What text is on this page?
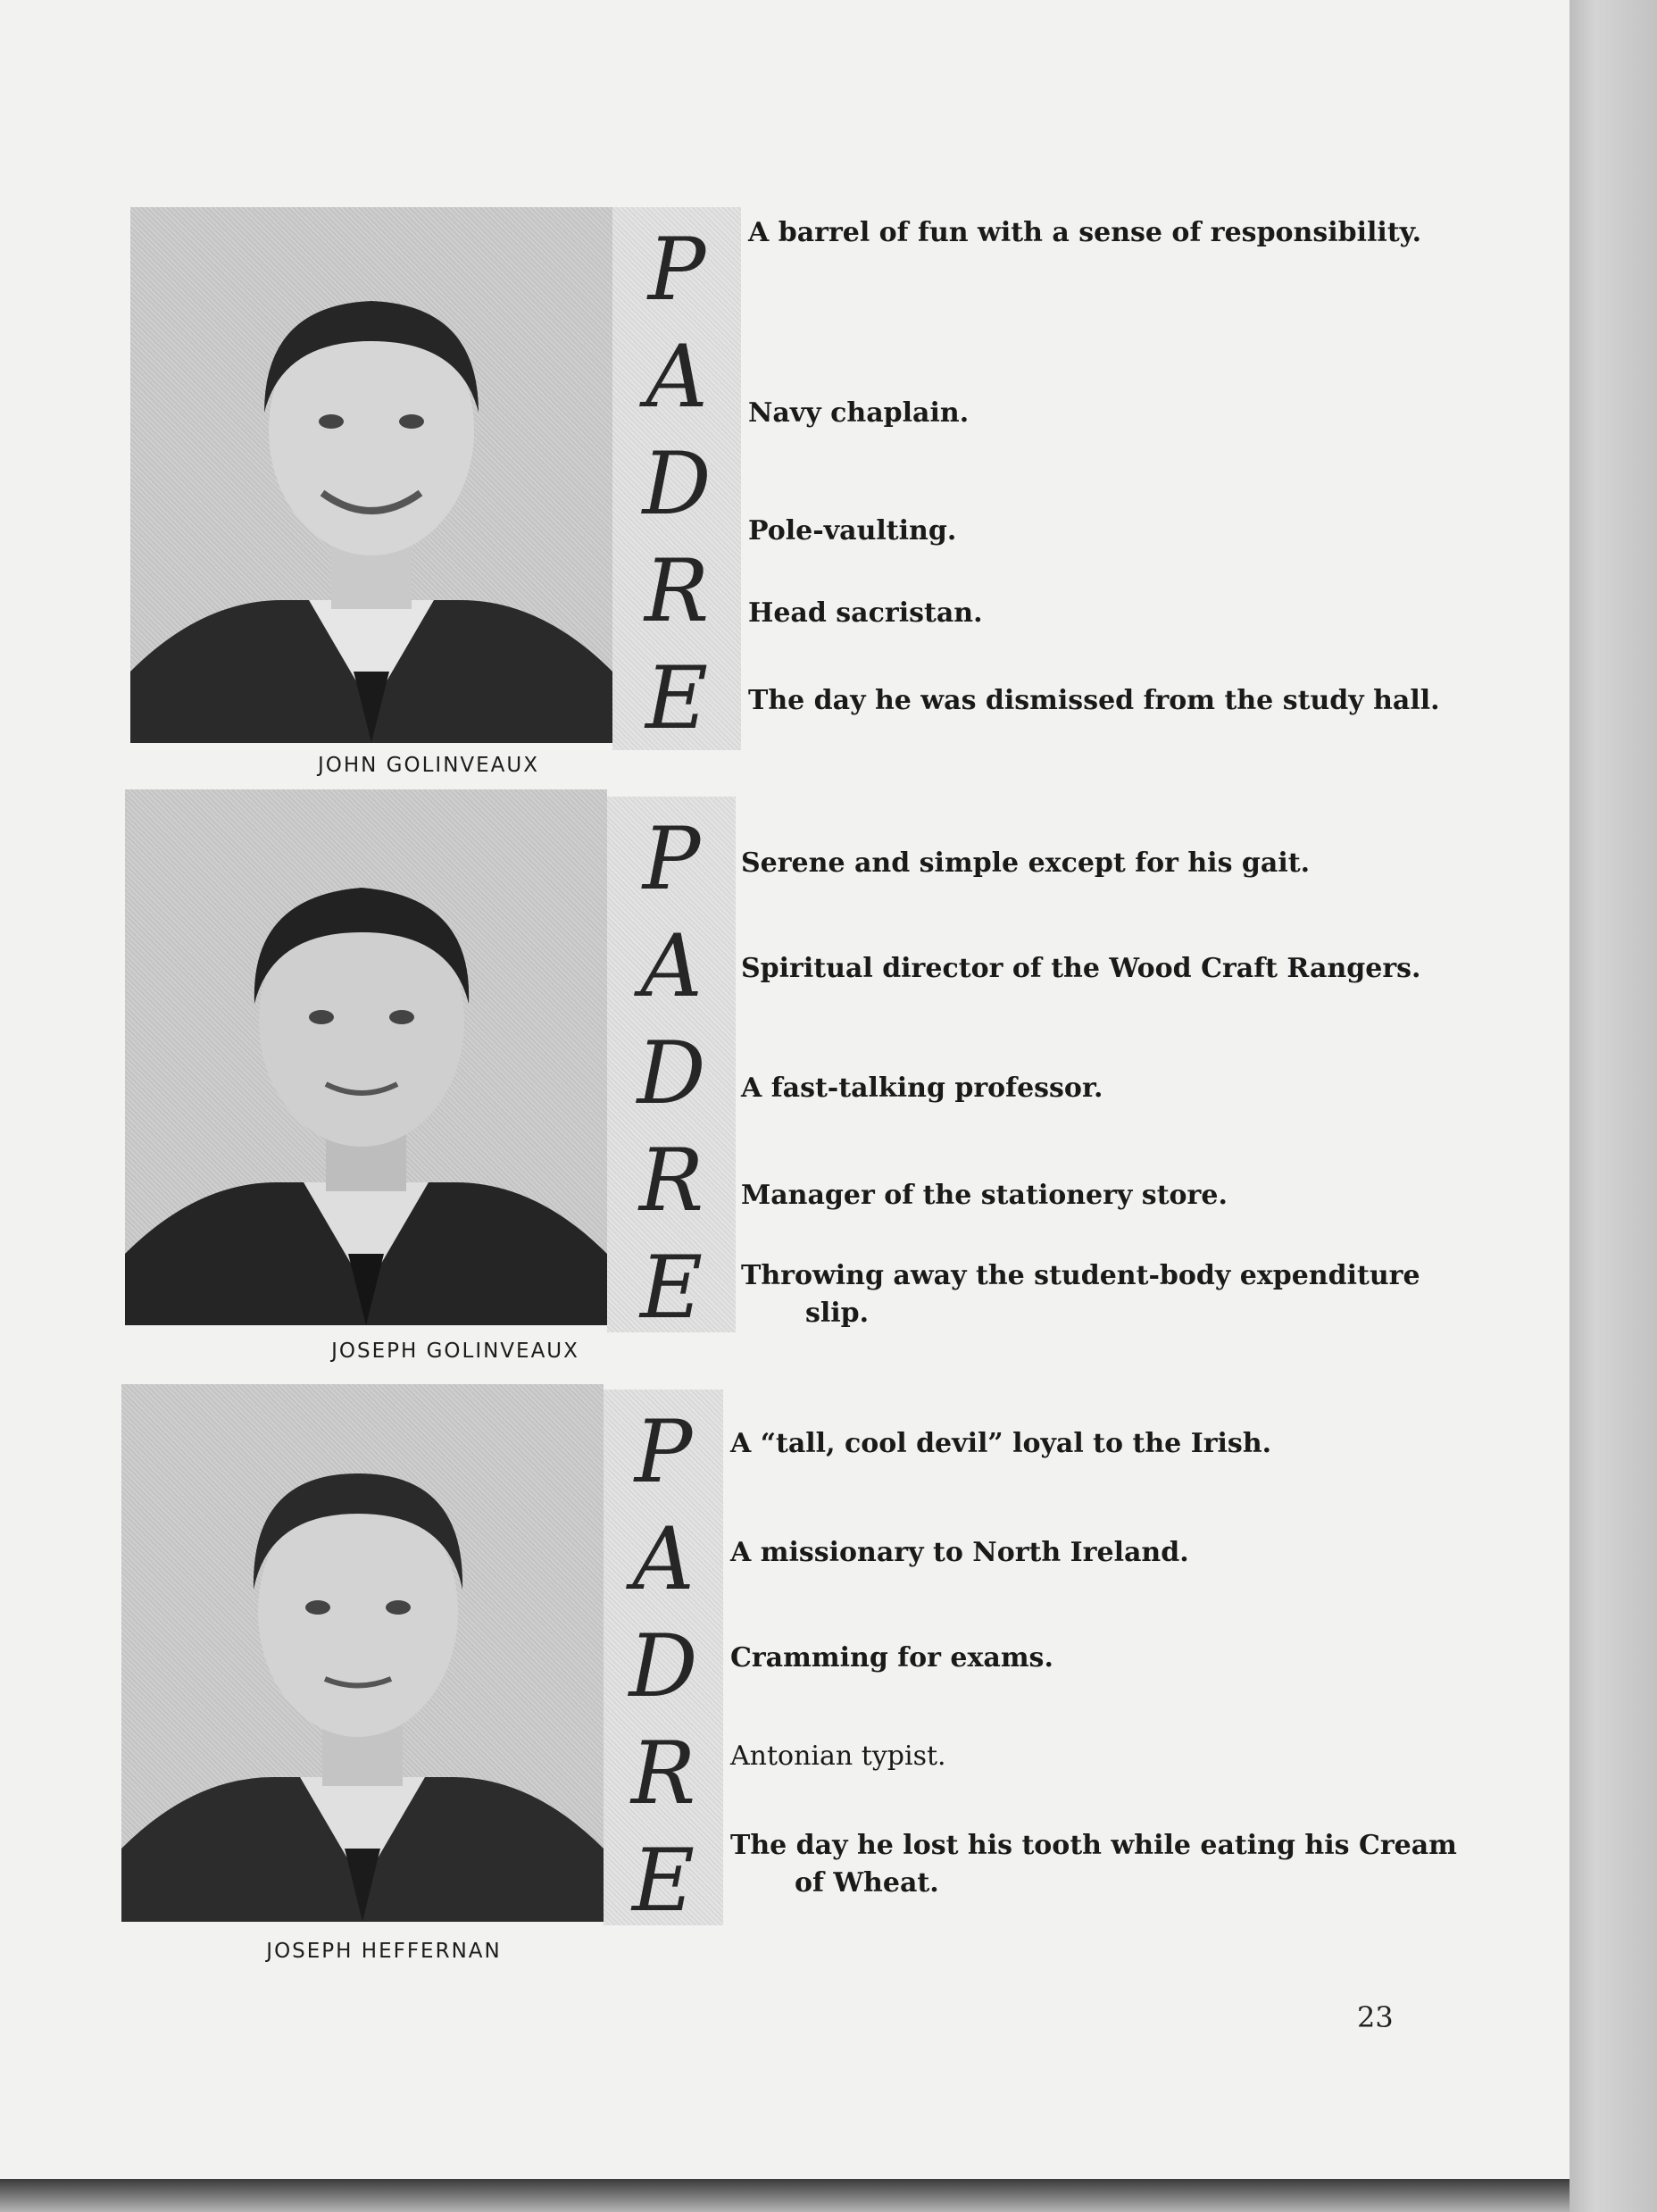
P
A
D
R
E
JOHN GOLINVEAUX
A barrel of fun with a sense of responsibility.
Navy chaplain.
Pole-vaulting.
Head sacristan.
The day he was dismissed from the study hall.
P
A
D
R
E
JOSEPH GOLINVEAUX
Serene and simple except for his gait.
Spiritual director of the Wood Craft Rangers.
A fast-talking professor.
Manager of the stationery store.
Throwing away the student-body expenditure slip.
P
A
D
R
E
JOSEPH HEFFERNAN
A “tall, cool devil” loyal to the Irish.
A missionary to North Ireland.
Cramming for exams.
Antonian typist.
The day he lost his tooth while eating his Cream of Wheat.
23
